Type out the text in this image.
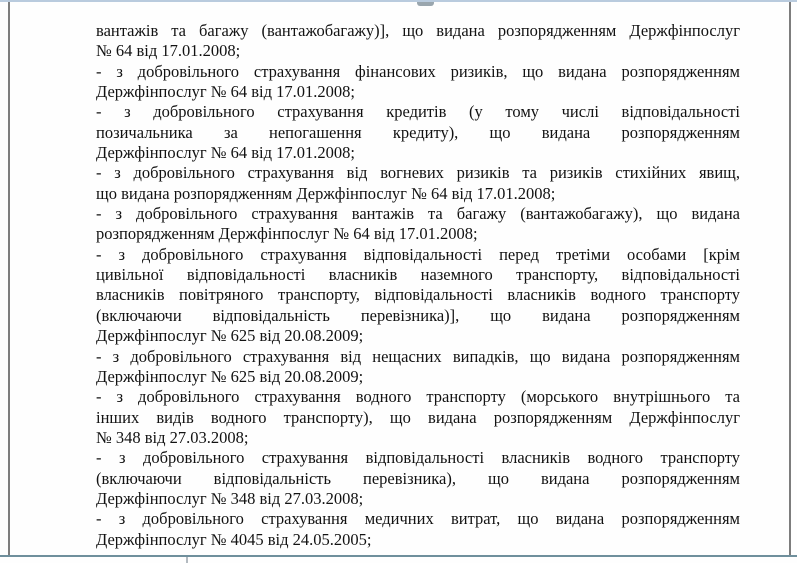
вантажів та багажу (вантажобагажу)], що видана розпорядженням Держфінпослуг
№ 64 від 17.01.2008;
- з добровільного страхування фінансових ризиків, що видана розпорядженням
Держфінпослуг № 64 від 17.01.2008;
- з добровільного страхування кредитів (у тому числі відповідальності
позичальника за непогашення кредиту), що видана розпорядженням
Держфінпослуг № 64 від 17.01.2008;
- з добровільного страхування від вогневих ризиків та ризиків стихійних явищ,
що видана розпорядженням Держфінпослуг № 64 від 17.01.2008;
- з добровільного страхування вантажів та багажу (вантажобагажу), що видана
розпорядженням Держфінпослуг № 64 від 17.01.2008;
- з добровільного страхування відповідальності перед третіми особами [крім
цивільної відповідальності власників наземного транспорту, відповідальності
власників повітряного транспорту, відповідальності власників водного транспорту
(включаючи відповідальність перевізника)], що видана розпорядженням
Держфінпослуг № 625 від 20.08.2009;
- з добровільного страхування від нещасних випадків, що видана розпорядженням
Держфінпослуг № 625 від 20.08.2009;
- з добровільного страхування водного транспорту (морського внутрішнього та
інших видів водного транспорту), що видана розпорядженням Держфінпослуг
№ 348 від 27.03.2008;
- з добровільного страхування відповідальності власників водного транспорту
(включаючи відповідальність перевізника), що видана розпорядженням
Держфінпослуг № 348 від 27.03.2008;
- з добровільного страхування медичних витрат, що видана розпорядженням
Держфінпослуг № 4045 від 24.05.2005;
